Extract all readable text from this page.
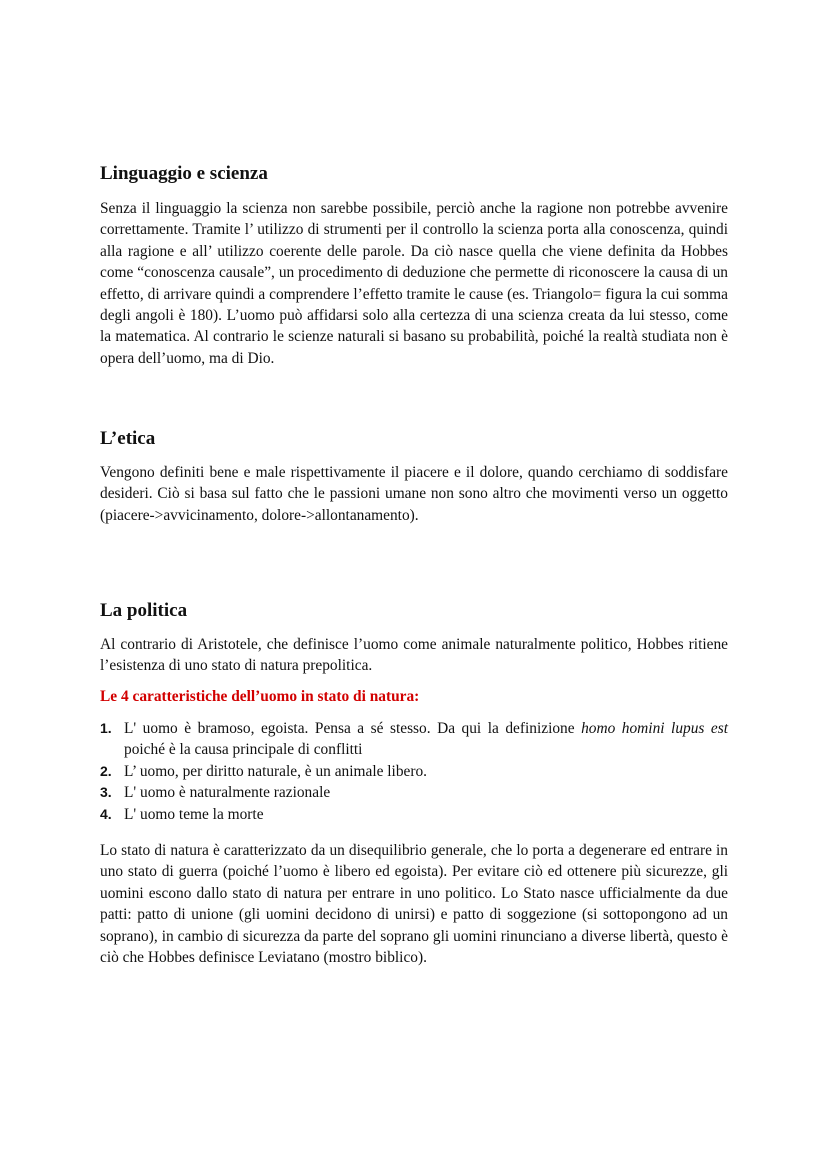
Linguaggio e scienza

Senza il linguaggio la scienza non sarebbe possibile, perciò anche la ragione non potrebbe avvenire correttamente. Tramite l’ utilizzo di strumenti per il controllo la scienza porta alla conoscenza, quindi alla ragione e all’ utilizzo coerente delle parole. Da ciò nasce quella che viene definita da Hobbes come “conoscenza causale”, un procedimento di deduzione che permette di riconoscere la causa di un effetto, di arrivare quindi a comprendere l’effetto tramite le cause (es. Triangolo= figura la cui somma degli angoli è 180). L’uomo può affidarsi solo alla certezza di una scienza creata da lui stesso, come la matematica. Al contrario le scienze naturali si basano su probabilità, poiché la realtà studiata non è opera dell’uomo, ma di Dio.

L’etica

Vengono definiti bene e male rispettivamente il piacere e il dolore, quando cerchiamo di soddisfare desideri. Ciò si basa sul fatto che le passioni umane non sono altro che movimenti verso un oggetto (piacere->avvicinamento, dolore->allontanamento).

La politica

Al contrario di Aristotele, che definisce l’uomo come animale naturalmente politico, Hobbes ritiene l’esistenza di uno stato di natura prepolitica.

Le 4 caratteristiche dell’uomo in stato di natura:

1. L' uomo è bramoso, egoista. Pensa a sé stesso. Da qui la definizione homo homini lupus est poiché è la causa principale di conflitti
2. L’ uomo, per diritto naturale, è un animale libero.
3. L' uomo è naturalmente razionale
4. L' uomo teme la morte

Lo stato di natura è caratterizzato da un disequilibrio generale, che lo porta a degenerare ed entrare in uno stato di guerra (poiché l’uomo è libero ed egoista). Per evitare ciò ed ottenere più sicurezze, gli uomini escono dallo stato di natura per entrare in uno politico. Lo Stato nasce ufficialmente da due patti: patto di unione (gli uomini decidono di unirsi) e patto di soggezione (si sottopongono ad un soprano), in cambio di sicurezza da parte del soprano gli uomini rinunciano a diverse libertà, questo è ciò che Hobbes definisce Leviatano (mostro biblico).
